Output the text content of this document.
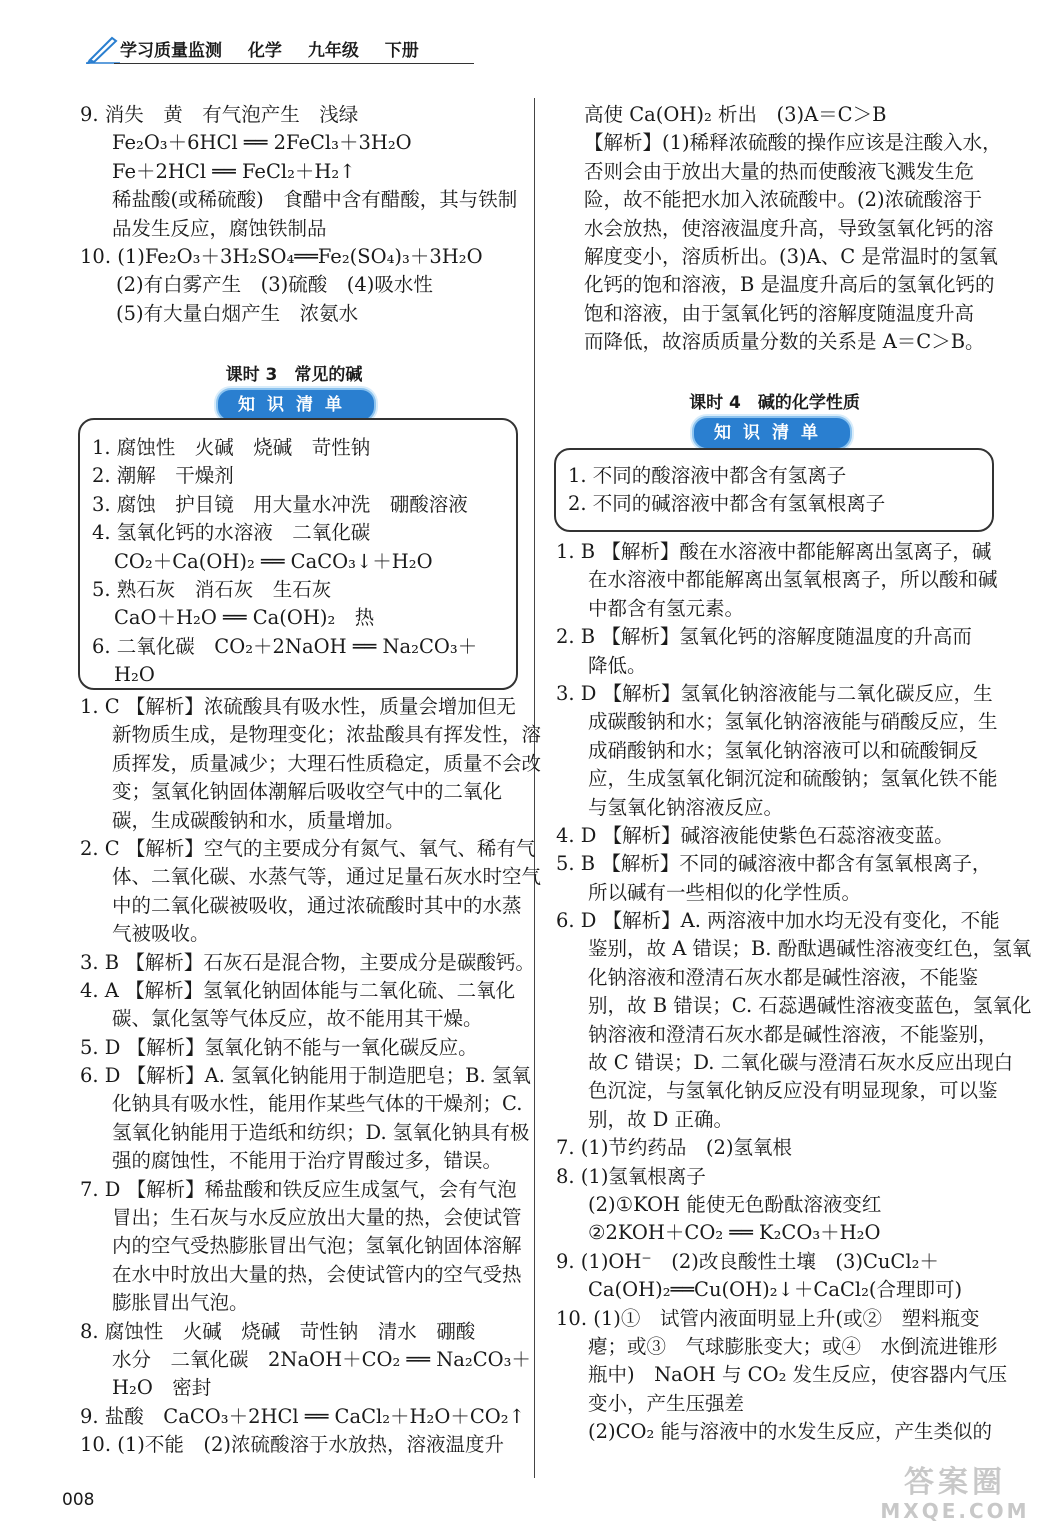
学习质量监测 化学 九年级 下册
9. 消失　黄　有气泡产生　浅绿
Fe₂O₃＋6HCl ══ 2FeCl₃＋3H₂O
Fe＋2HCl ══ FeCl₂＋H₂↑
稀盐酸(或稀硫酸)　食醋中含有醋酸，其与铁制
品发生反应，腐蚀铁制品
10. (1)Fe₂O₃＋3H₂SO₄══Fe₂(SO₄)₃＋3H₂O
(2)有白雾产生　(3)硫酸　(4)吸水性
(5)有大量白烟产生　浓氨水
课时 3　常见的碱
知识清单
1. 腐蚀性　火碱　烧碱　苛性钠
2. 潮解　干燥剂
3. 腐蚀　护目镜　用大量水冲洗　硼酸溶液
4. 氢氧化钙的水溶液　二氧化碳
CO₂＋Ca(OH)₂ ══ CaCO₃↓＋H₂O
5. 熟石灰　消石灰　生石灰
CaO＋H₂O ══ Ca(OH)₂　热
6. 二氧化碳　CO₂＋2NaOH ══ Na₂CO₃＋
H₂O
1. C 【解析】浓硫酸具有吸水性，质量会增加但无
新物质生成，是物理变化；浓盐酸具有挥发性，溶
质挥发，质量减少；大理石性质稳定，质量不会改
变；氢氧化钠固体潮解后吸收空气中的二氧化
碳，生成碳酸钠和水，质量增加。
2. C 【解析】空气的主要成分有氮气、氧气、稀有气
体、二氧化碳、水蒸气等，通过足量石灰水时空气
中的二氧化碳被吸收，通过浓硫酸时其中的水蒸
气被吸收。
3. B 【解析】石灰石是混合物，主要成分是碳酸钙。
4. A 【解析】氢氧化钠固体能与二氧化硫、二氧化
碳、氯化氢等气体反应，故不能用其干燥。
5. D 【解析】氢氧化钠不能与一氧化碳反应。
6. D 【解析】A. 氢氧化钠能用于制造肥皂；B. 氢氧
化钠具有吸水性，能用作某些气体的干燥剂；C.
氢氧化钠能用于造纸和纺织；D. 氢氧化钠具有极
强的腐蚀性，不能用于治疗胃酸过多，错误。
7. D 【解析】稀盐酸和铁反应生成氢气，会有气泡
冒出；生石灰与水反应放出大量的热，会使试管
内的空气受热膨胀冒出气泡；氢氧化钠固体溶解
在水中时放出大量的热，会使试管内的空气受热
膨胀冒出气泡。
8. 腐蚀性　火碱　烧碱　苛性钠　清水　硼酸
水分　二氧化碳　2NaOH＋CO₂ ══ Na₂CO₃＋
H₂O　密封
9. 盐酸　CaCO₃＋2HCl ══ CaCl₂＋H₂O＋CO₂↑
10. (1)不能　(2)浓硫酸溶于水放热，溶液温度升
高使 Ca(OH)₂ 析出　(3)A＝C＞B
【解析】(1)稀释浓硫酸的操作应该是注酸入水，
否则会由于放出大量的热而使酸液飞溅发生危
险，故不能把水加入浓硫酸中。(2)浓硫酸溶于
水会放热，使溶液温度升高，导致氢氧化钙的溶
解度变小，溶质析出。(3)A、C 是常温时的氢氧
化钙的饱和溶液，B 是温度升高后的氢氧化钙的
饱和溶液，由于氢氧化钙的溶解度随温度升高
而降低，故溶质质量分数的关系是 A＝C＞B。
课时 4　碱的化学性质
知识清单
1. 不同的酸溶液中都含有氢离子
2. 不同的碱溶液中都含有氢氧根离子
1. B 【解析】酸在水溶液中都能解离出氢离子，碱
在水溶液中都能解离出氢氧根离子，所以酸和碱
中都含有氢元素。
2. B 【解析】氢氧化钙的溶解度随温度的升高而
降低。
3. D 【解析】氢氧化钠溶液能与二氧化碳反应，生
成碳酸钠和水；氢氧化钠溶液能与硝酸反应，生
成硝酸钠和水；氢氧化钠溶液可以和硫酸铜反
应，生成氢氧化铜沉淀和硫酸钠；氢氧化铁不能
与氢氧化钠溶液反应。
4. D 【解析】碱溶液能使紫色石蕊溶液变蓝。
5. B 【解析】不同的碱溶液中都含有氢氧根离子，
所以碱有一些相似的化学性质。
6. D 【解析】A. 两溶液中加水均无没有变化，不能
鉴别，故 A 错误；B. 酚酞遇碱性溶液变红色，氢氧
化钠溶液和澄清石灰水都是碱性溶液，不能鉴
别，故 B 错误；C. 石蕊遇碱性溶液变蓝色，氢氧化
钠溶液和澄清石灰水都是碱性溶液，不能鉴别，
故 C 错误；D. 二氧化碳与澄清石灰水反应出现白
色沉淀，与氢氧化钠反应没有明显现象，可以鉴
别，故 D 正确。
7. (1)节约药品　(2)氢氧根
8. (1)氢氧根离子
(2)①KOH 能使无色酚酞溶液变红
②2KOH＋CO₂ ══ K₂CO₃＋H₂O
9. (1)OH⁻　(2)改良酸性土壤　(3)CuCl₂＋
Ca(OH)₂══Cu(OH)₂↓＋CaCl₂(合理即可)
10. (1)①　试管内液面明显上升(或②　塑料瓶变
瘪；或③　气球膨胀变大；或④　水倒流进锥形
瓶中)　NaOH 与 CO₂ 发生反应，使容器内气压
变小，产生压强差
(2)CO₂ 能与溶液中的水发生反应，产生类似的
008	答案圈
MXQE.COM
